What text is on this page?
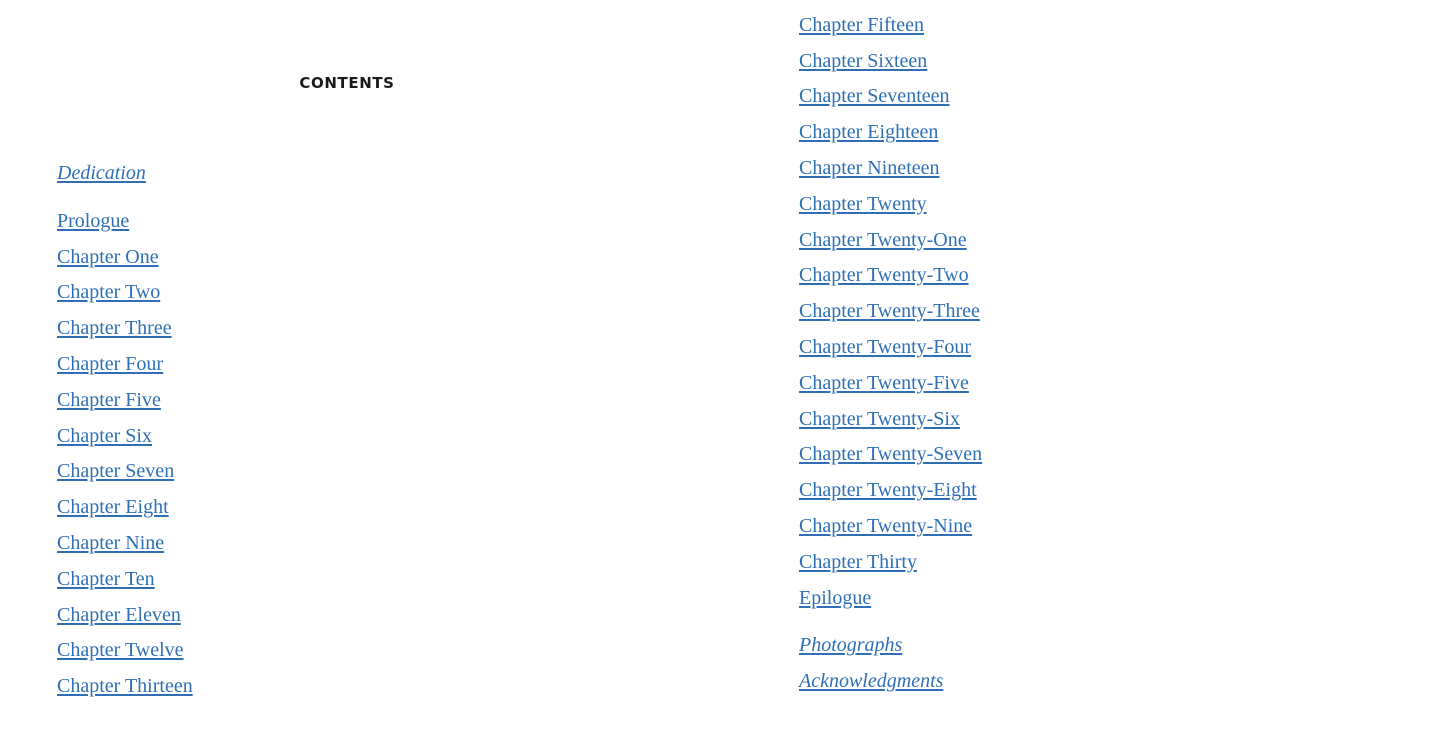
CONTENTS
Dedication
Prologue
Chapter One
Chapter Two
Chapter Three
Chapter Four
Chapter Five
Chapter Six
Chapter Seven
Chapter Eight
Chapter Nine
Chapter Ten
Chapter Eleven
Chapter Twelve
Chapter Thirteen
Chapter Fifteen
Chapter Sixteen
Chapter Seventeen
Chapter Eighteen
Chapter Nineteen
Chapter Twenty
Chapter Twenty-One
Chapter Twenty-Two
Chapter Twenty-Three
Chapter Twenty-Four
Chapter Twenty-Five
Chapter Twenty-Six
Chapter Twenty-Seven
Chapter Twenty-Eight
Chapter Twenty-Nine
Chapter Thirty
Epilogue
Photographs
Acknowledgments
